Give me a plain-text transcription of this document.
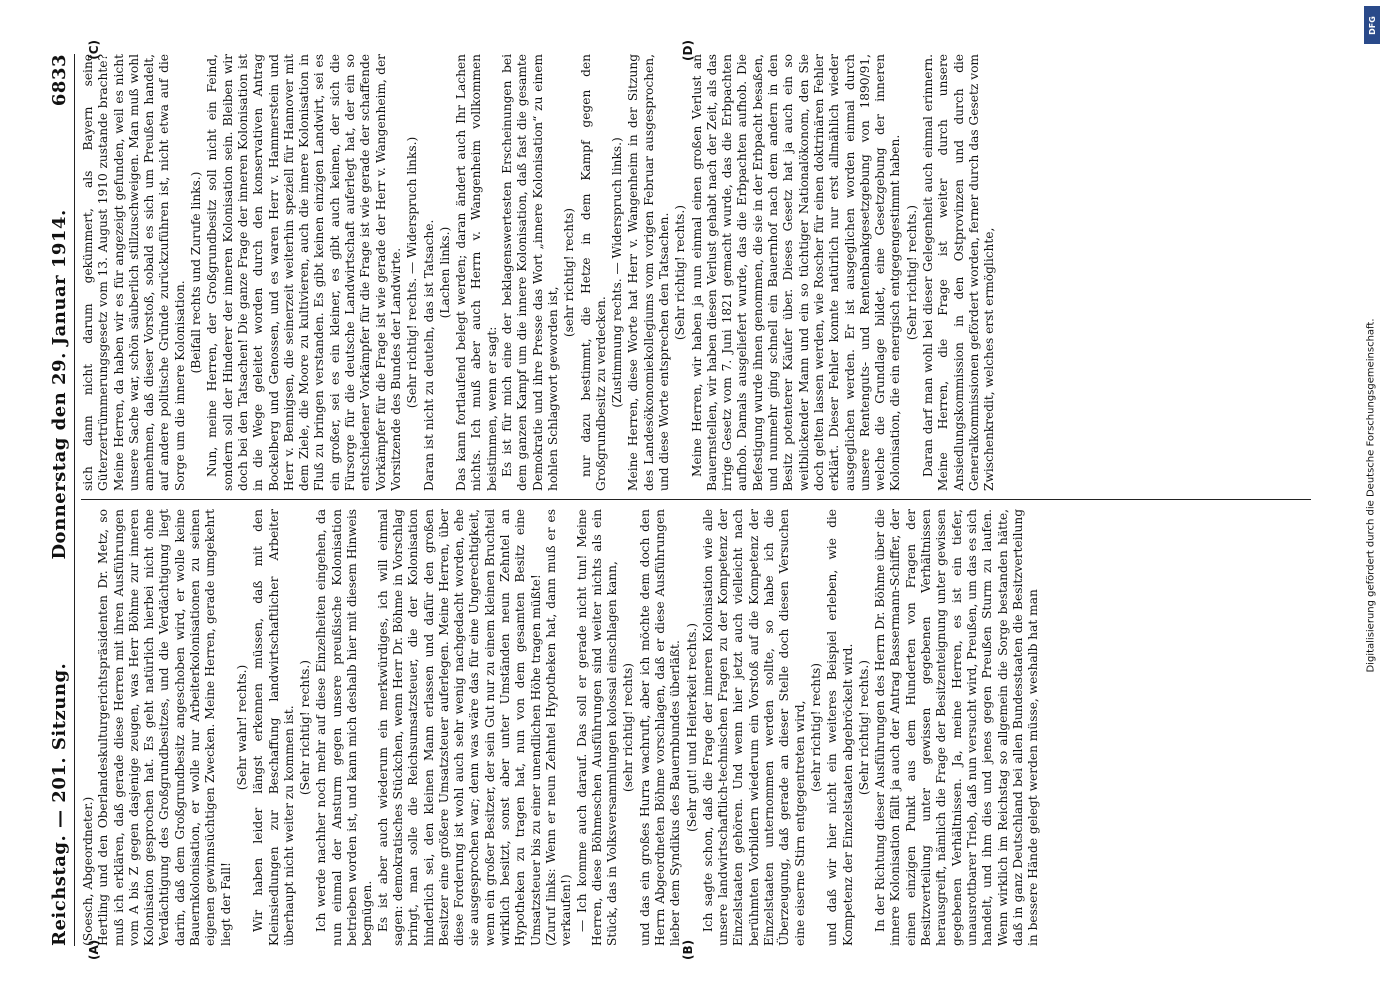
Reichstag. — 201. Sitzung.
Donnerstag den 29. Januar 1914.
6833

(Soesch, Abgeordneter.) Hertling und den Oberlandeskulturgerichtspräsidenten Dr. Metz, so muß ich erklären, daß gerade diese Herren mit ihren Ausführungen vom A bis Z gegen dasjenige zeugen, was Herr Böhme zur inneren Kolonisation gesprochen hat. Es geht natürlich hierbei nicht ohne Verdächtigung des Großgrundbesitzes, und die Verdächtigung liegt darin, daß dem Großgrundbesitz angeschoben wird, er wolle keine Bauernkolonisation, er wolle nur Arbeiterkolonisationen zu seinen eigenen gewinnsüchtigen Zwecken. Meine Herren, gerade umgekehrt liegt der Fall!

(Sehr wahr! rechts.) Wir haben leider längst erkennen müssen, daß mit den Kleinsiedlungen zur Beschaffung landwirtschaftlicher Arbeiter überhaupt nicht weiter zu kommen ist. (Sehr richtig! rechts.) Ich werde nachher noch mehr auf diese Einzelheiten eingehen, da nun einmal der Ansturm gegen unsere preußische Kolonisation betrieben worden ist, und kann mich deshalb hier mit diesem Hinweis begnügen. Es ist aber auch wiederum ein merkwürdiges, ich will einmal sagen: demokratisches Stückchen, wenn Herr Dr. Böhme in Vorschlag bringt, man solle die Reichsumsatzsteuer, die der Kolonisation hinderlich sei, den kleinen Mann erlassen und dafür den großen Besitzer eine größere Umsatzsteuer auferlegen. Meine Herren, über diese Forderung ist wohl auch sehr wenig nachgedacht worden, ehe sie ausgesprochen war; denn was wäre das für eine Ungerechtigkeit, wenn ein großer Besitzer, der sein Gut nur zu einem kleinen Bruchteil wirklich besitzt, sonst aber unter Umständen neun Zehntel an Hypotheken zu tragen hat, nun von dem gesamten Besitz eine Umsatzsteuer bis zu einer unendlichen Höhe tragen müßte! (Zuruf links: Wenn er neun Zehntel Hypotheken hat, dann muß er es verkaufen!) — Ich komme auch darauf. Das soll er gerade nicht tun! Meine Herren, diese Böhmeschen Ausführungen sind weiter nichts als ein Stück, das in Volksversammlungen kolossal einschlagen kann, (sehr richtig! rechts) und das ein großes Hurra wachruft, aber ich möchte dem doch den Herrn Abgeordneten Böhme vorschlagen, daß er diese Ausführungen lieber dem Syndikus des Bauernbundes überläßt. (Sehr gut! und Heiterkeit rechts.) Ich sagte schon, daß die Frage der inneren Kolonisation wie alle unsere landwirtschaftlich-technischen Fragen zu der Kompetenz der Einzelstaaten gehören. Und wenn hier jetzt auch vielleicht nach berühmten Vorbildern wiederum ein Vorstoß auf die Kompetenz der Einzelstaaten unternommen werden sollte, so habe ich die Überzeugung, daß gerade an dieser Stelle doch diesen Versuchen eine eiserne Stirn entgegentreten wird, (sehr richtig! rechts) und daß wir hier nicht ein weiteres Beispiel erleben, wie die Kompetenz der Einzelstaaten abgebröckelt wird. (Sehr richtig! rechts.) In der Richtung dieser Ausführungen des Herrn Dr. Böhme über die innere Kolonisation fällt ja auch der Antrag Bassermann-Schiffer, der einen einzigen Punkt aus dem Hunderten von Fragen der Besitzverteilung unter gewissen gegebenen Verhältnissen herausgreift, nämlich die Frage der Besitzenteignung unter gewissen gegebenen Verhältnissen. Ja, meine Herren, es ist ein tiefer, unausrottbarer Trieb, daß nun versucht wird, Preußen, um das es sich handelt, und ihm dies und jenes gegen Preußen Sturm zu laufen. Wenn wirklich im Reichstag so allgemein die Sorge bestanden hätte, daß in ganz Deutschland bei allen Bundesstaaten die Besitzverteilung in bessere Hände gelegt werden müsse, weshalb hat man

sich dann nicht darum gekümmert, als Bayern seine Güterzertrümmerungsgesetz vom 13. August 1910 zustande brachte? Meine Herren, da haben wir es für angezeigt gefunden, weil es nicht unsere Sache war, schön säuberlich stillzuschweigen. Man muß wohl annehmen, daß dieser Vorstoß, sobald es sich um Preußen handelt, auf andere politische Gründe zurückzuführen ist, nicht etwa auf die Sorge um die innere Kolonisation.

(Beifall rechts und Zurufe links.) Nun, meine Herren, der Großgrundbesitz soll nicht ein Feind, sondern soll der Hinderer der inneren Kolonisation sein. Bleiben wir doch bei den Tatsachen! Die ganze Frage der inneren Kolonisation ist in die Wege geleitet worden durch den konservativen Antrag Bockelberg und Genossen, und es waren Herr v. Hammerstein und Herr v. Bennigsen, die seinerzeit weiterhin speziell für Hannover mit dem Ziele, die Moore zu kultivieren, auch die innere Kolonisation in Fluß zu bringen verstanden. Es gibt keinen einzigen Landwirt, sei es ein großer, sei es ein kleiner, es gibt auch keinen, der sich die Fürsorge für die deutsche Landwirtschaft auferlegt hat, der ein so entschiedener Vorkämpfer für die Frage ist wie gerade der schaffende Vorkämpfer für die Frage ist wie gerade der Herr v. Wangenheim, der Vorsitzende des Bundes der Landwirte. (Sehr richtig! rechts. — Widerspruch links.) Daran ist nicht zu deuteln, das ist Tatsache. (Lachen links.) Das kann fortlaufend belegt werden; daran ändert auch Ihr Lachen nichts. Ich muß aber auch Herrn v. Wangenheim vollkommen beistimmen, wenn er sagt: Es ist für mich eine der beklagenswertesten Erscheinungen bei dem ganzen Kampf um die innere Kolonisation, daß fast die gesamte Demokratie und ihre Presse das Wort „innere Kolonisation“ zu einem hohlen Schlagwort geworden ist,

(sehr richtig! rechts) nur dazu bestimmt, die Hetze in dem Kampf gegen den Großgrundbesitz zu verdecken. (Zustimmung rechts. — Widerspruch links.) Meine Herren, diese Worte hat Herr v. Wangenheim in der Sitzung des Landesökonomiekollegiums vom vorigen Februar ausgesprochen, und diese Worte entsprechen den Tatsachen. (Sehr richtig! rechts.) Meine Herren, wir haben ja nun einmal einen großen Verlust an Bauernstellen, wir haben diesen Verlust gehabt nach der Zeit, als das irrige Gesetz vom 7. Juni 1821 gemacht wurde, das die Erbpachten aufhob. Damals ausgeliefert wurde, das die Erbpachten aufhob. Die Befestigung wurde ihnen genommen, die sie in der Erbpacht besaßen, und nunmehr ging schnell ein Bauernhof nach dem andern in den Besitz potenterer Käufer über. Dieses Gesetz hat ja auch ein so weitblickender Mann und ein so tüchtiger Nationalökonom, den Sie doch gelten lassen werden, wie Roscher für einen doktrinären Fehler erklärt. Dieser Fehler konnte natürlich nur erst allmählich wieder ausgeglichen werden. Er ist ausgeglichen worden einmal durch unsere Rentenguts- und Rentenbankgesetzgebung von 1890/91, welche die Grundlage bildet, eine Gesetzgebung der inneren Kolonisation, die ein energisch entgegengestimmt haben. (Sehr richtig! rechts.) Daran darf man wohl bei dieser Gelegenheit auch einmal erinnern. Meine Herren, die Frage ist weiter durch unsere Ansiedlungskommission in den Ostprovinzen und durch die Generalkommissionen gefördert worden, ferner durch das Gesetz vom Zwischenkredit, welches erst ermöglichte,

(A)	(B)
(C)	(D)
Digitalisierung gefördert durch die Deutsche Forschungsgemeinschaft.
DFG
